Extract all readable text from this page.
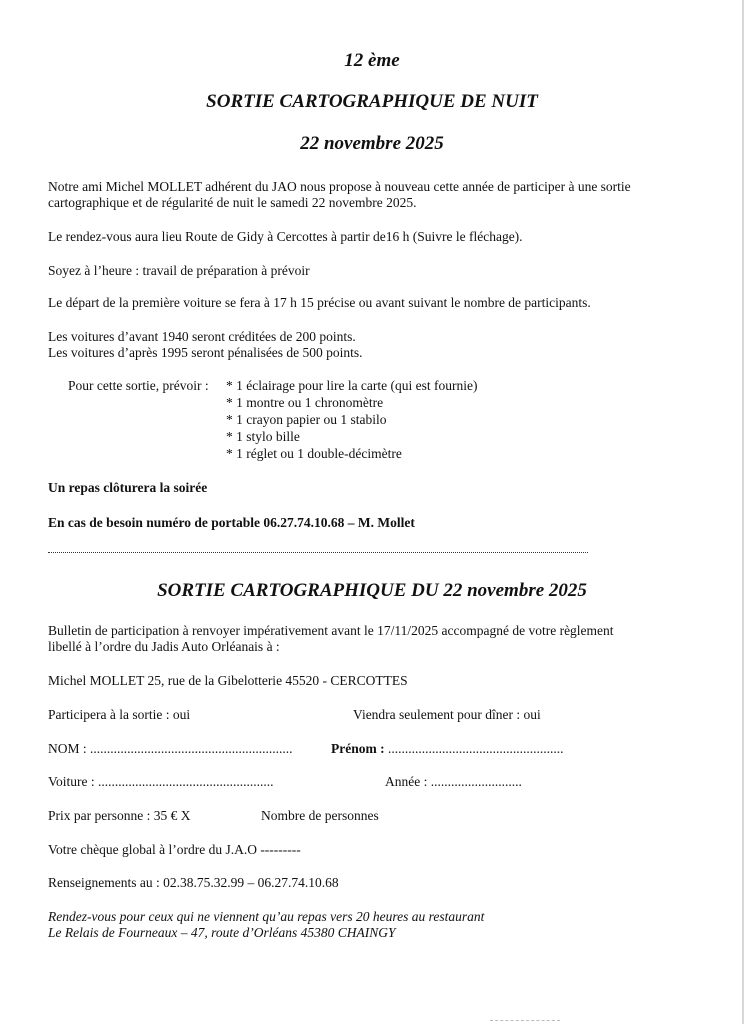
12 ème
SORTIE CARTOGRAPHIQUE DE NUIT
22 novembre 2025
Notre ami Michel MOLLET adhérent du JAO nous propose à nouveau cette année de participer à une sortie
cartographique et de régularité de nuit le samedi 22 novembre 2025.
Le rendez-vous aura lieu Route de Gidy à Cercottes à partir de16 h (Suivre le fléchage).
Soyez à l’heure : travail de préparation à prévoir
Le départ de la première voiture se fera à 17 h 15 précise ou avant suivant le nombre de participants.
Les voitures d’avant 1940 seront créditées de 200 points.
Les voitures d’après 1995 seront pénalisées de 500 points.
Pour cette sortie, prévoir : * 1 éclairage pour lire la carte (qui est fournie)
* 1 montre ou 1 chronomètre
* 1 crayon papier ou 1 stabilo
* 1 stylo bille
* 1 réglet ou 1 double-décimètre
Un repas clôturera la soirée
En cas de besoin numéro de portable 06.27.74.10.68 – M. Mollet
SORTIE CARTOGRAPHIQUE DU 22 novembre 2025
Bulletin de participation à renvoyer impérativement avant le 17/11/2025 accompagné de votre règlement
libellé à l’ordre du Jadis Auto Orléanais à :
Michel MOLLET 25, rue de la Gibelotterie 45520 - CERCOTTES
Participera à la sortie : oui	Viendra seulement pour dîner : oui
NOM : ............................................................	Prénom : ....................................................
Voiture : ....................................................	Année : ...........................
Prix par personne : 35 € X	Nombre de personnes
Votre chèque global à l’ordre du J.A.O ---------
Renseignements au : 02.38.75.32.99 – 06.27.74.10.68
Rendez-vous pour ceux qui ne viennent qu’au repas vers 20 heures au restaurant
Le Relais de Fourneaux – 47, route d’Orléans 45380 CHAINGY
